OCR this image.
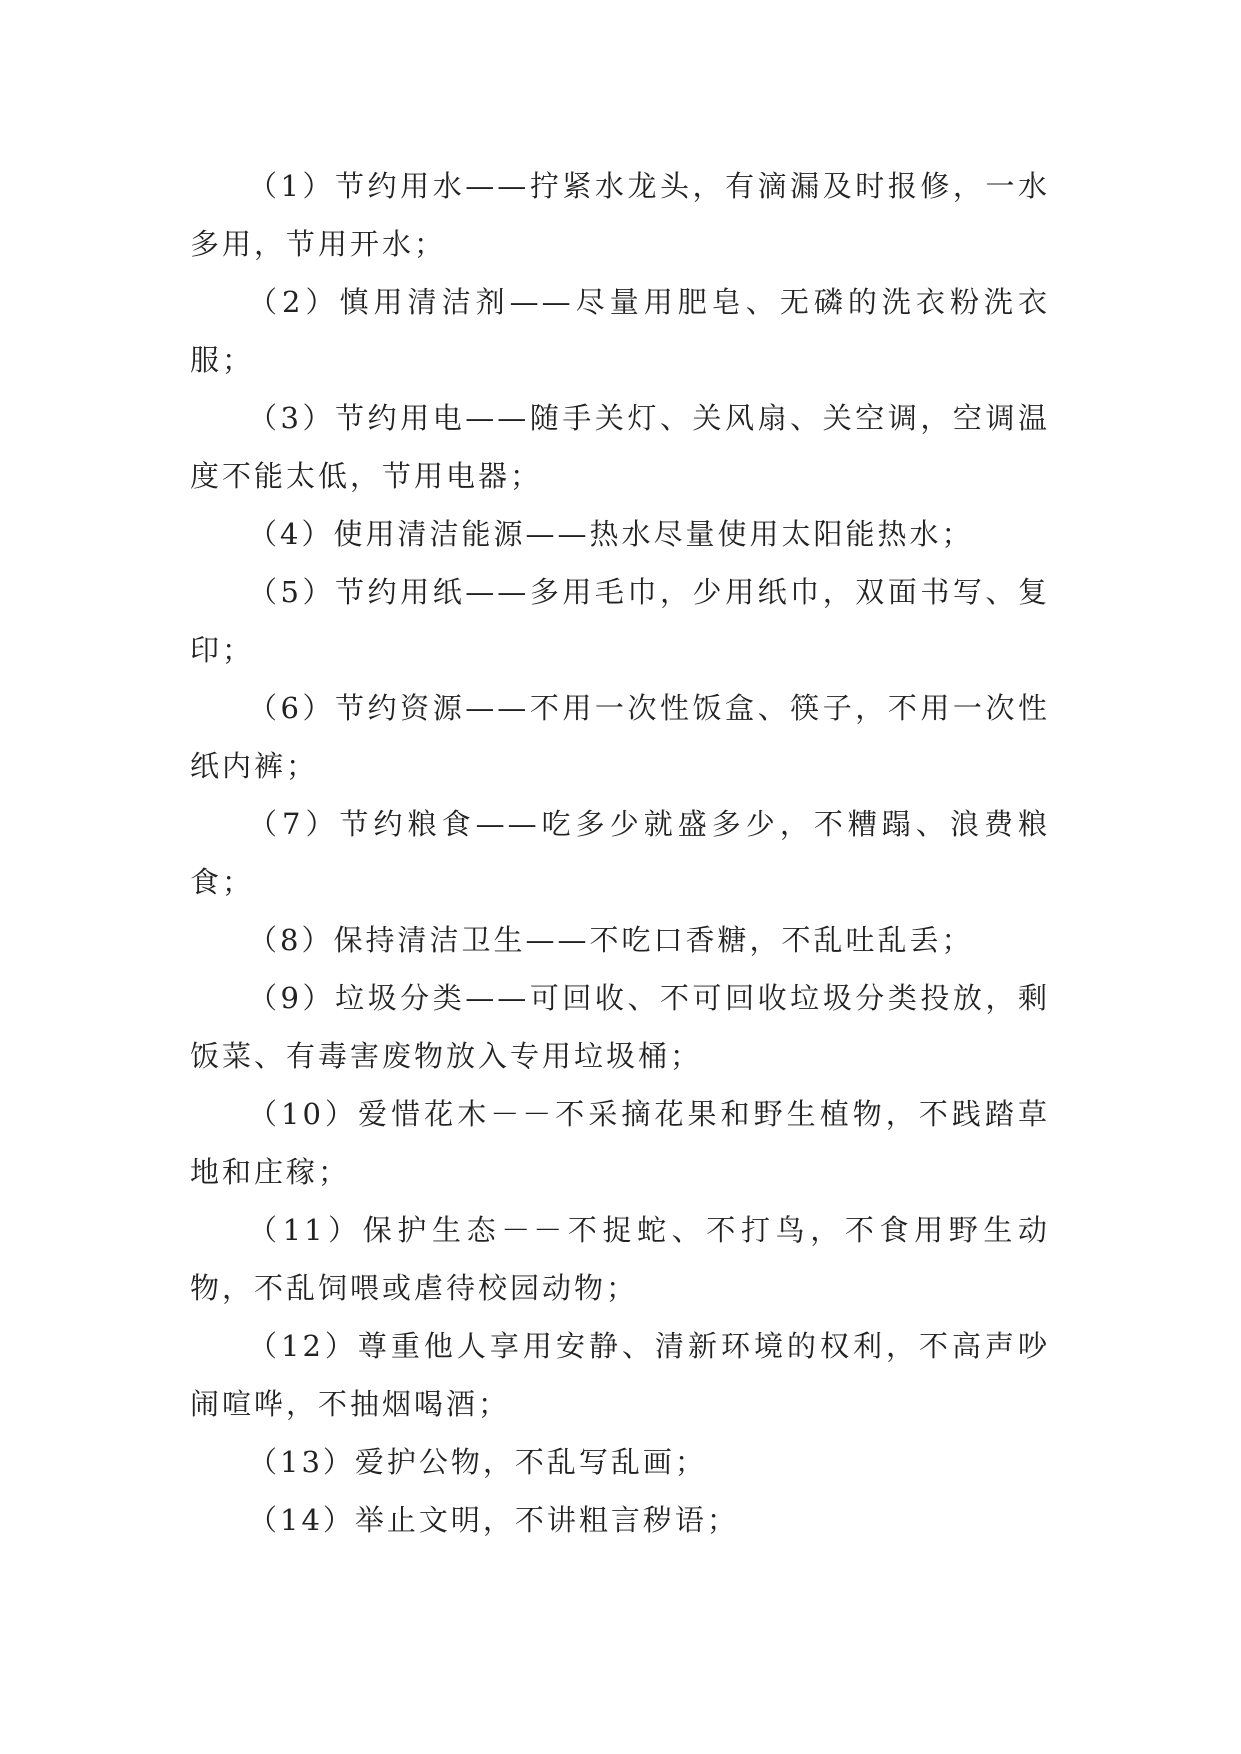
（1）节约用水——拧紧水龙头，有滴漏及时报修，一水多用，节用开水；

（2）慎用清洁剂——尽量用肥皂、无磷的洗衣粉洗衣服；

（3）节约用电——随手关灯、关风扇、关空调，空调温度不能太低，节用电器；

（4）使用清洁能源——热水尽量使用太阳能热水；

（5）节约用纸——多用毛巾，少用纸巾，双面书写、复印；

（6）节约资源——不用一次性饭盒、筷子，不用一次性纸内裤；

（7）节约粮食——吃多少就盛多少，不糟蹋、浪费粮食；

（8）保持清洁卫生——不吃口香糖，不乱吐乱丢；

（9）垃圾分类——可回收、不可回收垃圾分类投放，剩饭菜、有毒害废物放入专用垃圾桶；

（10）爱惜花木－－不采摘花果和野生植物，不践踏草地和庄稼；

（11）保护生态－－不捉蛇、不打鸟，不食用野生动物，不乱饲喂或虐待校园动物；

（12）尊重他人享用安静、清新环境的权利，不高声吵闹喧哗，不抽烟喝酒；

（13）爱护公物，不乱写乱画；

（14）举止文明，不讲粗言秽语；
